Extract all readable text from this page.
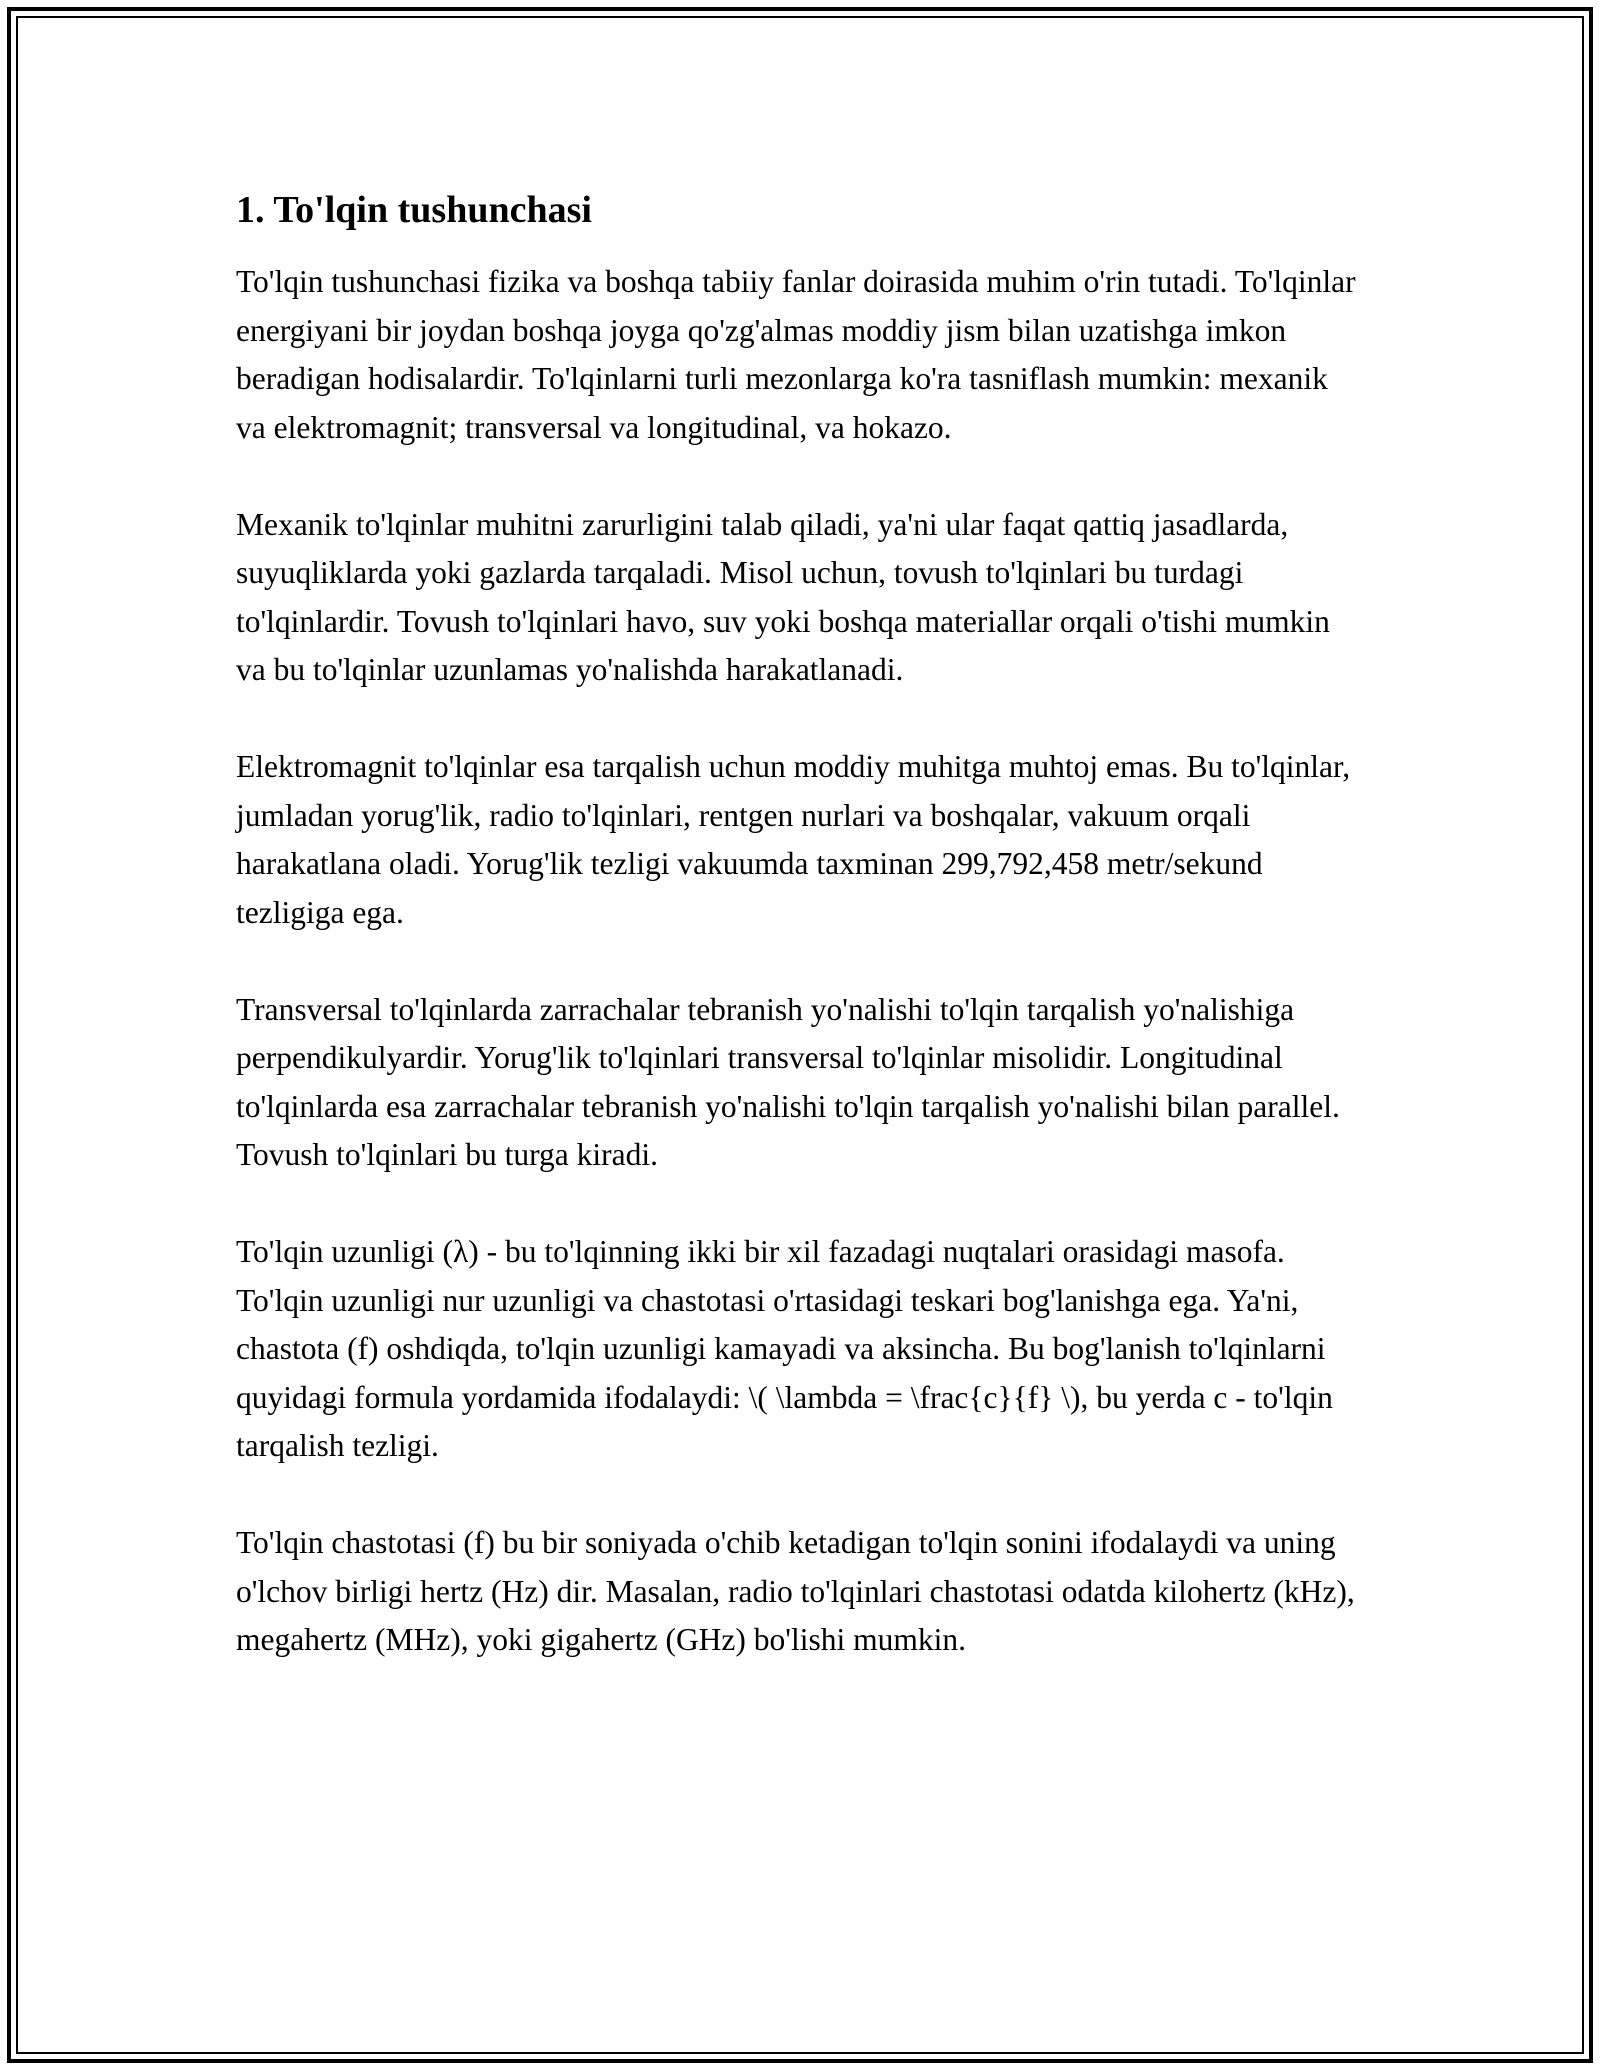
1. To'lqin tushunchasi

To'lqin tushunchasi fizika va boshqa tabiiy fanlar doirasida muhim o'rin tutadi. To'lqinlar energiyani bir joydan boshqa joyga qo'zg'almas moddiy jism bilan uzatishga imkon beradigan hodisalardir. To'lqinlarni turli mezonlarga ko'ra tasniflash mumkin: mexanik va elektromagnit; transversal va longitudinal, va hokazo.

Mexanik to'lqinlar muhitni zarurligini talab qiladi, ya'ni ular faqat qattiq jasadlarda, suyuqliklarda yoki gazlarda tarqaladi. Misol uchun, tovush to'lqinlari bu turdagi to'lqinlardir. Tovush to'lqinlari havo, suv yoki boshqa materiallar orqali o'tishi mumkin va bu to'lqinlar uzunlamas yo'nalishda harakatlanadi.

Elektromagnit to'lqinlar esa tarqalish uchun moddiy muhitga muhtoj emas. Bu to'lqinlar, jumladan yorug'lik, radio to'lqinlari, rentgen nurlari va boshqalar, vakuum orqali harakatlana oladi. Yorug'lik tezligi vakuumda taxminan 299,792,458 metr/sekund tezligiga ega.

Transversal to'lqinlarda zarrachalar tebranish yo'nalishi to'lqin tarqalish yo'nalishiga perpendikulyardir. Yorug'lik to'lqinlari transversal to'lqinlar misolidir. Longitudinal to'lqinlarda esa zarrachalar tebranish yo'nalishi to'lqin tarqalish yo'nalishi bilan parallel. Tovush to'lqinlari bu turga kiradi.

To'lqin uzunligi (λ) - bu to'lqinning ikki bir xil fazadagi nuqtalari orasidagi masofa. To'lqin uzunligi nur uzunligi va chastotasi o'rtasidagi teskari bog'lanishga ega. Ya'ni, chastota (f) oshdiqda, to'lqin uzunligi kamayadi va aksincha. Bu bog'lanish to'lqinlarni quyidagi formula yordamida ifodalaydi: \( \lambda = \frac{c}{f} \), bu yerda c - to'lqin tarqalish tezligi.

To'lqin chastotasi (f) bu bir soniyada o'chib ketadigan to'lqin sonini ifodalaydi va uning o'lchov birligi hertz (Hz) dir. Masalan, radio to'lqinlari chastotasi odatda kilohertz (kHz), megahertz (MHz), yoki gigahertz (GHz) bo'lishi mumkin.
